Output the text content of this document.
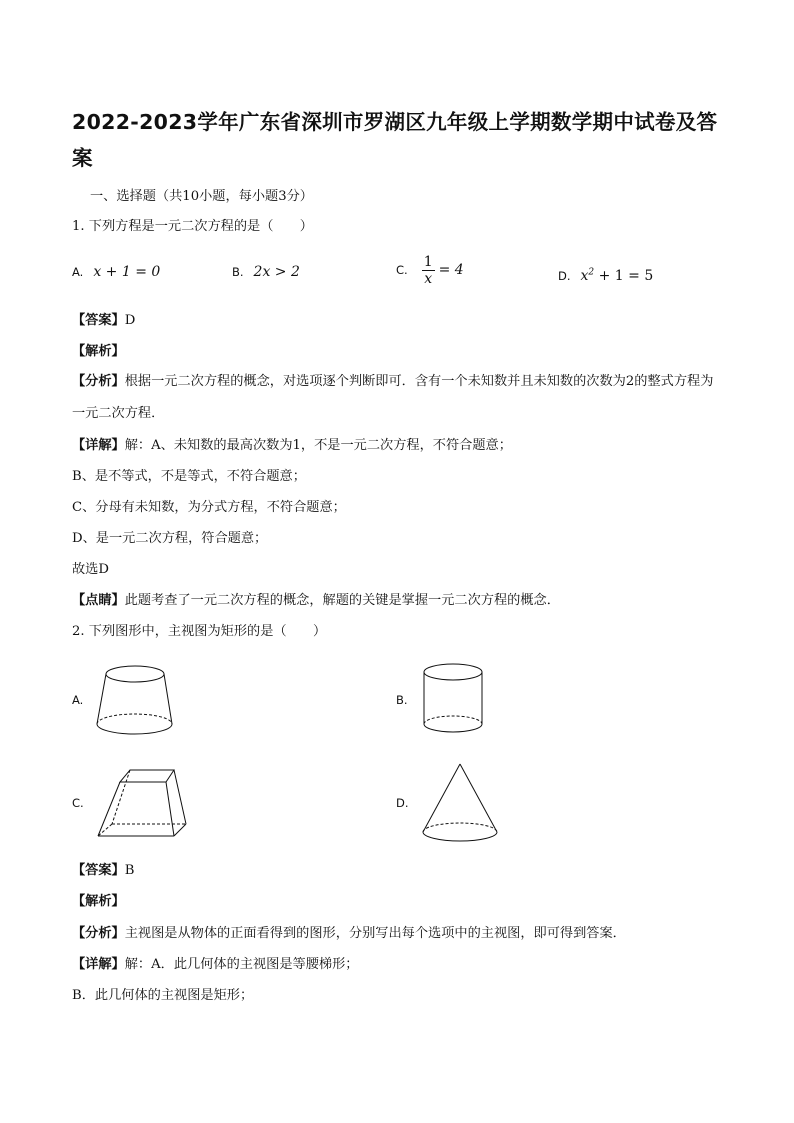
2022-2023学年广东省深圳市罗湖区九年级上学期数学期中试卷及答案
一、选择题（共10小题，每小题3分）
1. 下列方程是一元二次方程的是（　　）
A. x + 1 = 0	B. 2x > 2	C. $\frac{1}{x} = 4$	D. $x^2 + 1 = 5$
【答案】D
【解析】
【分析】根据一元二次方程的概念，对选项逐个判断即可．含有一个未知数并且未知数的次数为2的整式方程为一元二次方程．
【详解】解：A、未知数的最高次数为1，不是一元二次方程，不符合题意；
B、是不等式，不是等式，不符合题意；
C、分母有未知数，为分式方程，不符合题意；
D、是一元二次方程，符合题意；
故选D
【点睛】此题考查了一元二次方程的概念，解题的关键是掌握一元二次方程的概念．
2. 下列图形中，主视图为矩形的是（　　）
A.	B.
C.	D.
【答案】B
【解析】
【分析】主视图是从物体的正面看得到的图形，分别写出每个选项中的主视图，即可得到答案．
【详解】解：A．此几何体的主视图是等腰梯形；
B．此几何体的主视图是矩形；
